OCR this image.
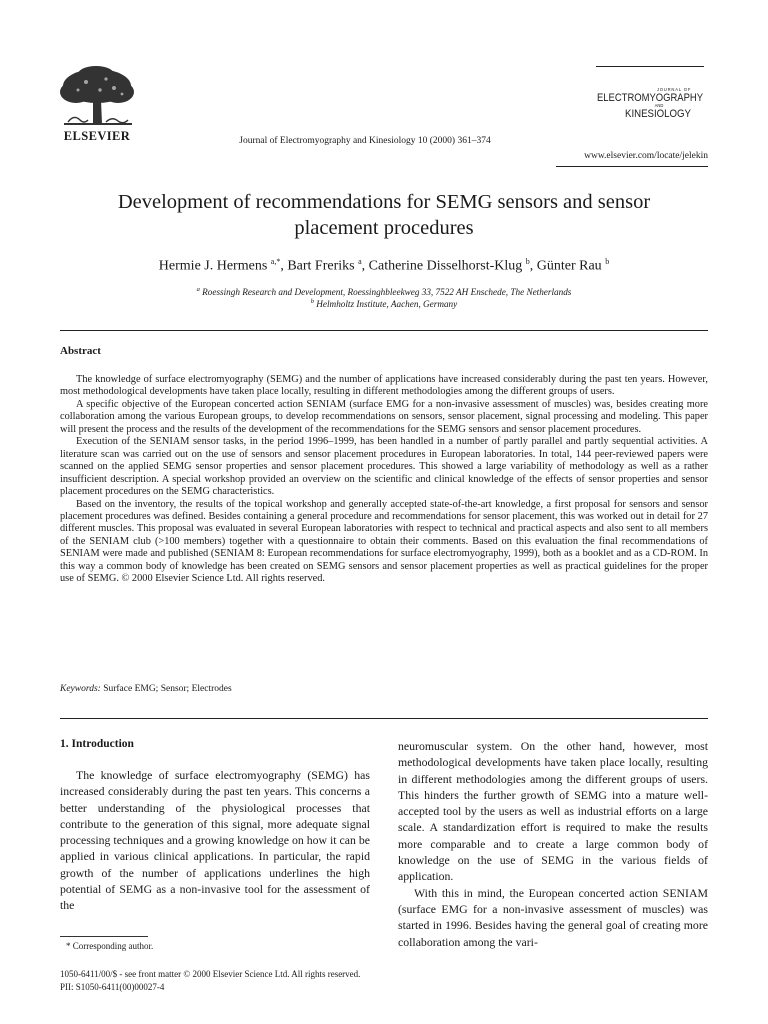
ELSEVIER	Journal of Electromyography and Kinesiology 10 (2000) 361–374
JOURNAL OF
ELECTROMYOGRAPHY
AND
KINESIOLOGY
www.elsevier.com/locate/jelekin
Development of recommendations for SEMG sensors and sensor
placement procedures
Hermie J. Hermens $^{a,*}$, Bart Freriks $^a$, Catherine Disselhorst-Klug $^b$, Günter Rau $^b$
$^a$ Roessingh Research and Development, Roessinghbleekweg 33, 7522 AH Enschede, The Netherlands
$^b$ Helmholtz Institute, Aachen, Germany
Abstract

The knowledge of surface electromyography (SEMG) and the number of applications have increased considerably during the past ten years. However, most methodological developments have taken place locally, resulting in different methodologies among the different groups of users.

A specific objective of the European concerted action SENIAM (surface EMG for a non-invasive assessment of muscles) was, besides creating more collaboration among the various European groups, to develop recommendations on sensors, sensor placement, signal processing and modeling. This paper will present the process and the results of the development of the recommendations for the SEMG sensors and sensor placement procedures.

Execution of the SENIAM sensor tasks, in the period 1996–1999, has been handled in a number of partly parallel and partly sequential activities. A literature scan was carried out on the use of sensors and sensor placement procedures in European laboratories. In total, 144 peer-reviewed papers were scanned on the applied SEMG sensor properties and sensor placement procedures. This showed a large variability of methodology as well as a rather insufficient description. A special workshop provided an overview on the scientific and clinical knowledge of the effects of sensor properties and sensor placement procedures on the SEMG characteristics.

Based on the inventory, the results of the topical workshop and generally accepted state-of-the-art knowledge, a first proposal for sensors and sensor placement procedures was defined. Besides containing a general procedure and recommendations for sensor placement, this was worked out in detail for 27 different muscles. This proposal was evaluated in several European laboratories with respect to technical and practical aspects and also sent to all members of the SENIAM club (>100 members) together with a questionnaire to obtain their comments. Based on this evaluation the final recommendations of SENIAM were made and published (SENIAM 8: European recommendations for surface electromyography, 1999), both as a booklet and as a CD-ROM. In this way a common body of knowledge has been created on SEMG sensors and sensor placement properties as well as practical guidelines for the proper use of SEMG. © 2000 Elsevier Science Ltd. All rights reserved.

Keywords: Surface EMG; Sensor; Electrodes
1. Introduction

The knowledge of surface electromyography (SEMG) has increased considerably during the past ten years. This concerns a better understanding of the physiological processes that contribute to the generation of this signal, more adequate signal processing techniques and a growing knowledge on how it can be applied in various clinical applications. In particular, the rapid growth of the number of applications underlines the high potential of SEMG as a non-invasive tool for the assessment of the

neuromuscular system. On the other hand, however, most methodological developments have taken place locally, resulting in different methodologies among the different groups of users. This hinders the further growth of SEMG into a mature well-accepted tool by the users as well as industrial efforts on a large scale. A standardization effort is required to make the results more comparable and to create a large common body of knowledge on the use of SEMG in the various fields of application.

With this in mind, the European concerted action SENIAM (surface EMG for a non-invasive assessment of muscles) was started in 1996. Besides having the general goal of creating more collaboration among the vari-

* Corresponding author.
1050-6411/00/$ - see front matter © 2000 Elsevier Science Ltd. All rights reserved.
PII: S1050-6411(00)00027-4
